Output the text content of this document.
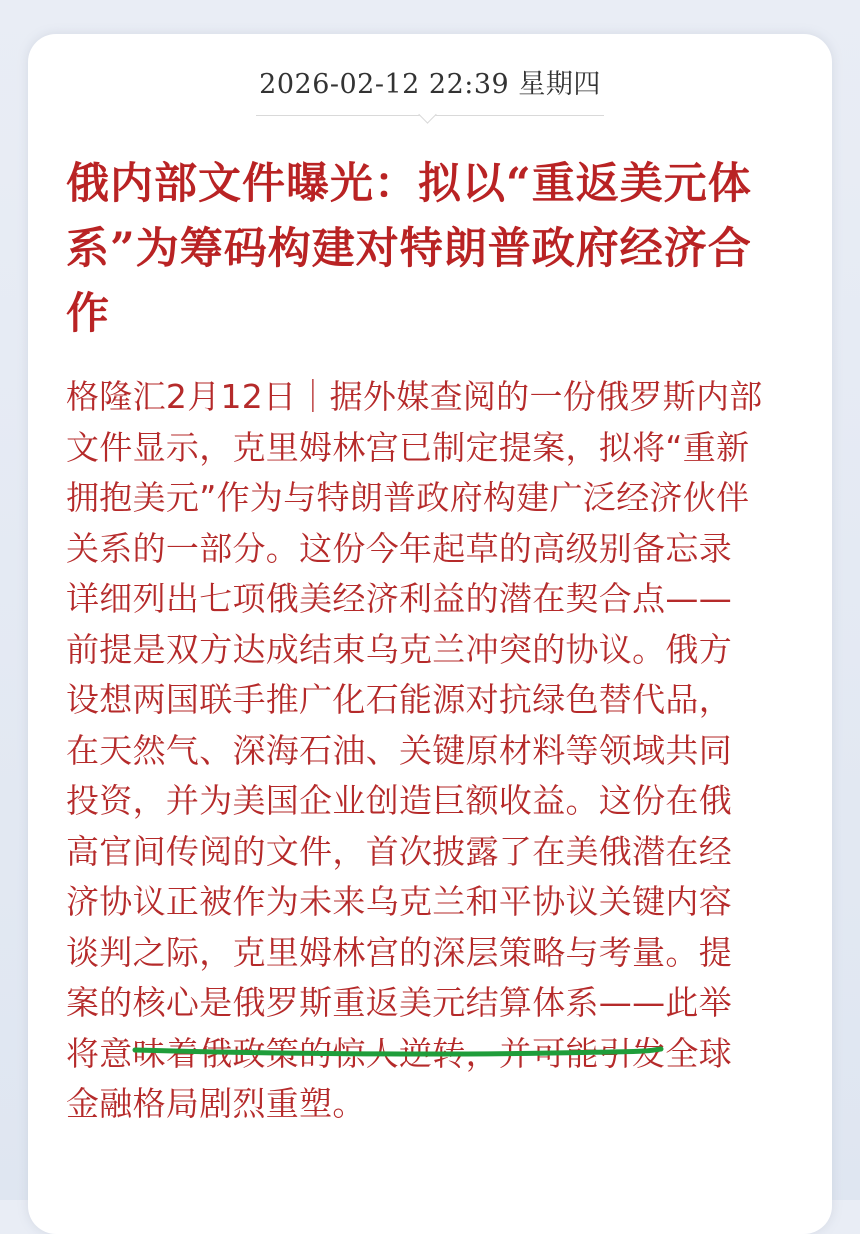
2026-02-12 22:39 星期四
俄内部文件曝光：拟以“重返美元体系”为筹码构建对特朗普政府经济合作
格隆汇2月12日｜据外媒查阅的一份俄罗斯内部
文件显示，克里姆林宫已制定提案，拟将“重新
拥抱美元”作为与特朗普政府构建广泛经济伙伴
关系的一部分。这份今年起草的高级别备忘录
详细列出七项俄美经济利益的潜在契合点——
前提是双方达成结束乌克兰冲突的协议。俄方
设想两国联手推广化石能源对抗绿色替代品，
在天然气、深海石油、关键原材料等领域共同
投资，并为美国企业创造巨额收益。这份在俄
高官间传阅的文件，首次披露了在美俄潜在经
济协议正被作为未来乌克兰和平协议关键内容
谈判之际，克里姆林宫的深层策略与考量。提
案的核心是俄罗斯重返美元结算体系——此举
将意味着俄政策的惊人逆转，并可能引发全球
金融格局剧烈重塑。
